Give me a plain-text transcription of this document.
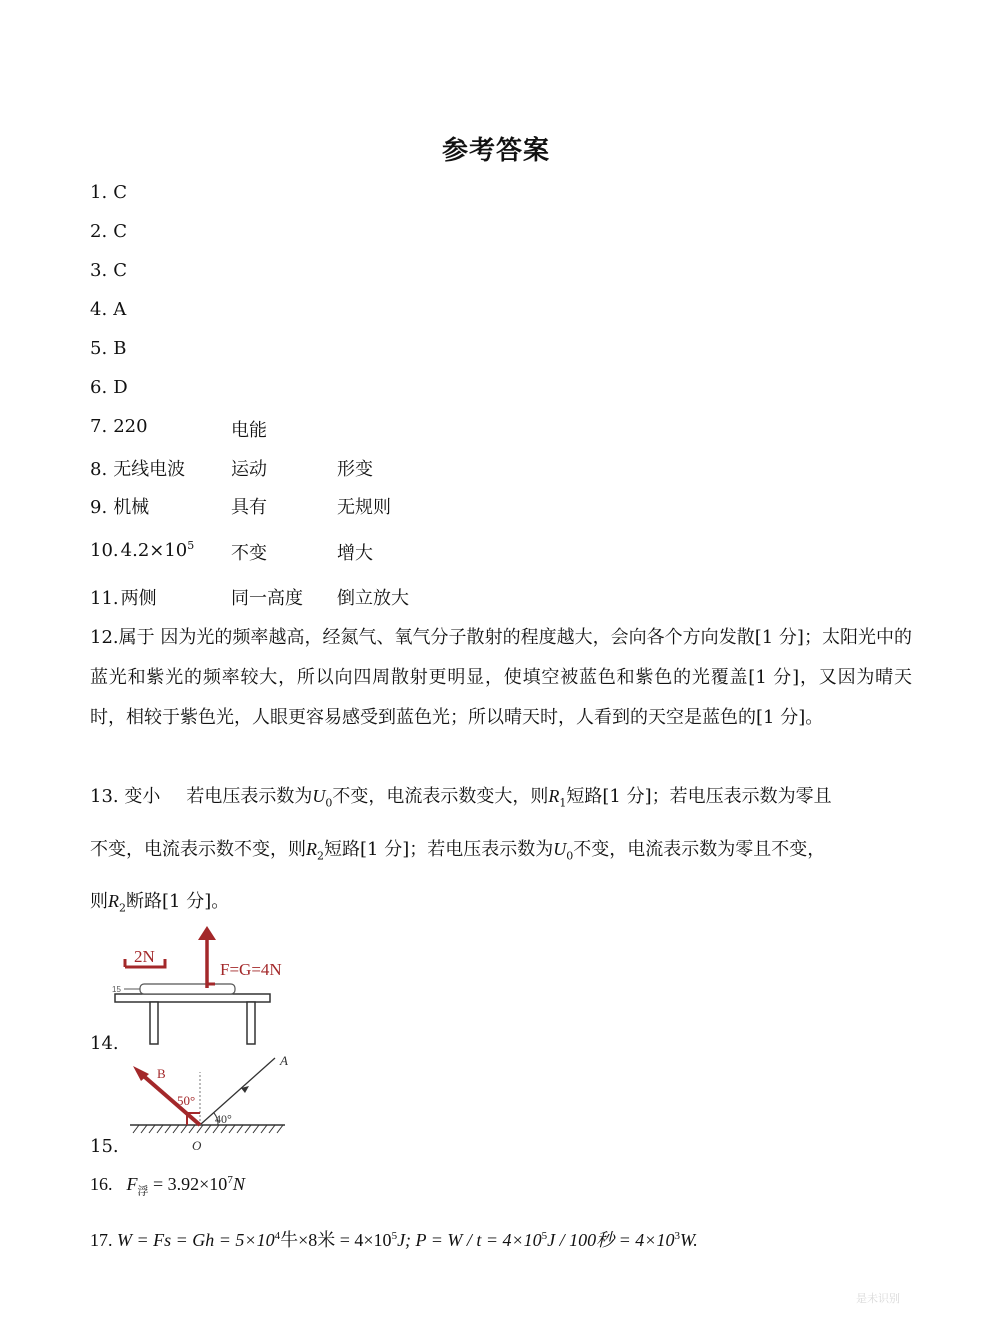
参考答案
1. C
2. C
3. C
4. A
5. B
6. D
7. 220	电能
8. 无线电波	运动	形变
9. 机械	具有	无规则
10. $4.2\times 10^5$ 不变	增大
11. 两侧	同一高度 倒立放大
12.属于 因为光的频率越高，经氮气、氧气分子散射的程度越大，会向各个方向发散[1 分]；太阳光中的蓝光和紫光的频率较大，所以向四周散射更明显，使填空被蓝色和紫色的光覆盖[1 分]，又因为晴天时，相较于紫色光，人眼更容易感受到蓝色光；所以晴天时，人看到的天空是蓝色的[1 分]。
13. 变小 若电压表示数为$U_0$不变，电流表示数变大，则$R_1$短路[1 分]；若电压表示数为零且
不变，电流表示数不变，则$R_2$短路[1 分]；若电压表示数为$U_0$不变，电流表示数为零且不变，
则$R_2$断路[1 分]。
15
2N
F=G=4N
14.
B
A
O
50°
40°
15.
16. $F_浮 = 3.92\times 10^7N$
17. $W = Fs = Gh = 5\times 10^4$牛×8米 = $4\times 10^5J$; $P = W / t = 4\times 10^5J / 100$秒 = $4\times 10^3W$.
是未识别
